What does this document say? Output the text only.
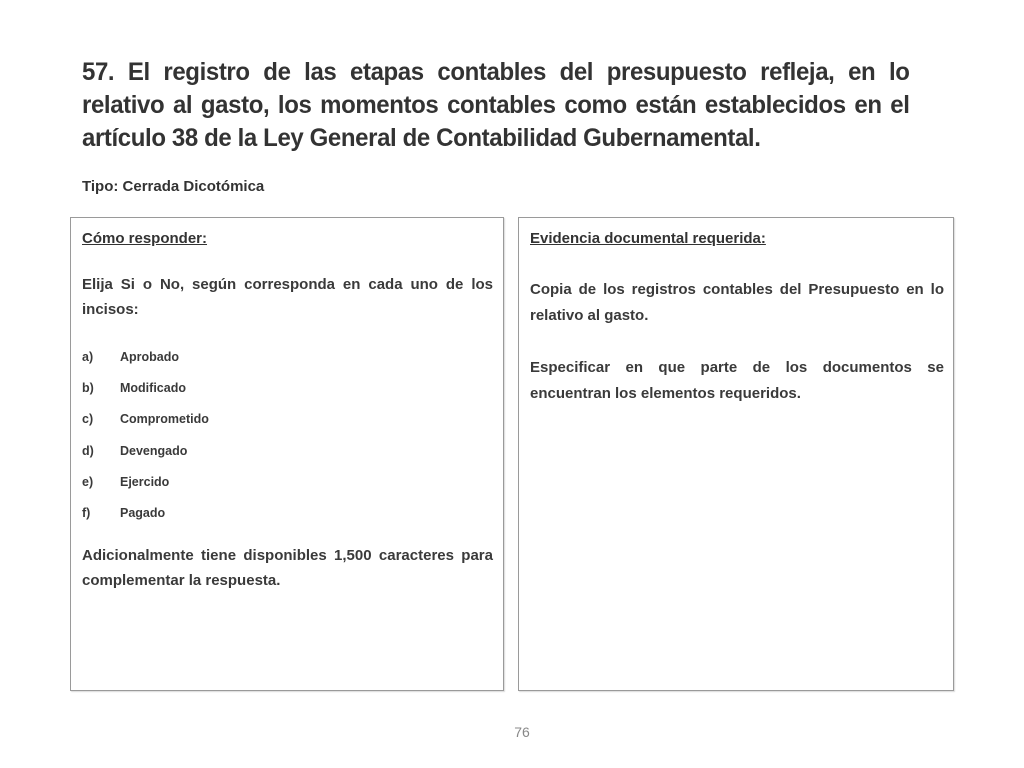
57. El registro de las etapas contables del presupuesto refleja, en lo relativo al gasto, los momentos contables como están establecidos en el artículo 38 de la Ley General de Contabilidad Gubernamental.
Tipo: Cerrada Dicotómica
Cómo responder:
Elija Si o No, según corresponda en cada uno de los incisos:
a)	Aprobado
b)	Modificado
c)	Comprometido
d)	Devengado
e)	Ejercido
f)	Pagado
Adicionalmente tiene disponibles 1,500 caracteres para complementar la respuesta.
Evidencia documental requerida:
Copia de los registros contables del Presupuesto en lo relativo al gasto.
Especificar en que parte de los documentos se encuentran los elementos requeridos.
76
